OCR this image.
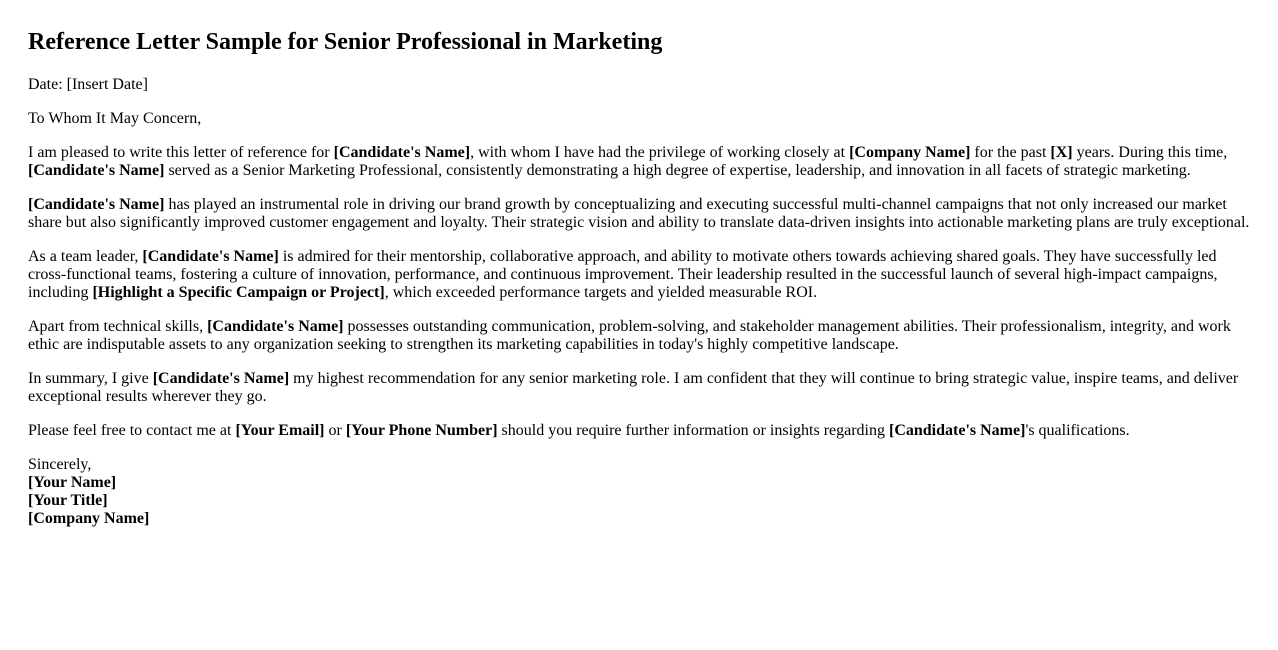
Reference Letter Sample for Senior Professional in Marketing

Date: [Insert Date]

To Whom It May Concern,

I am pleased to write this letter of reference for [Candidate's Name], with whom I have had the privilege of working closely at [Company Name] for the past [X] years. During this time, [Candidate's Name] served as a Senior Marketing Professional, consistently demonstrating a high degree of expertise, leadership, and innovation in all facets of strategic marketing.

[Candidate's Name] has played an instrumental role in driving our brand growth by conceptualizing and executing successful multi-channel campaigns that not only increased our market share but also significantly improved customer engagement and loyalty. Their strategic vision and ability to translate data-driven insights into actionable marketing plans are truly exceptional.

As a team leader, [Candidate's Name] is admired for their mentorship, collaborative approach, and ability to motivate others towards achieving shared goals. They have successfully led cross-functional teams, fostering a culture of innovation, performance, and continuous improvement. Their leadership resulted in the successful launch of several high-impact campaigns, including [Highlight a Specific Campaign or Project], which exceeded performance targets and yielded measurable ROI.

Apart from technical skills, [Candidate's Name] possesses outstanding communication, problem-solving, and stakeholder management abilities. Their professionalism, integrity, and work ethic are indisputable assets to any organization seeking to strengthen its marketing capabilities in today's highly competitive landscape.

In summary, I give [Candidate's Name] my highest recommendation for any senior marketing role. I am confident that they will continue to bring strategic value, inspire teams, and deliver exceptional results wherever they go.

Please feel free to contact me at [Your Email] or [Your Phone Number] should you require further information or insights regarding [Candidate's Name]'s qualifications.

Sincerely,
[Your Name]
[Your Title]
[Company Name]
